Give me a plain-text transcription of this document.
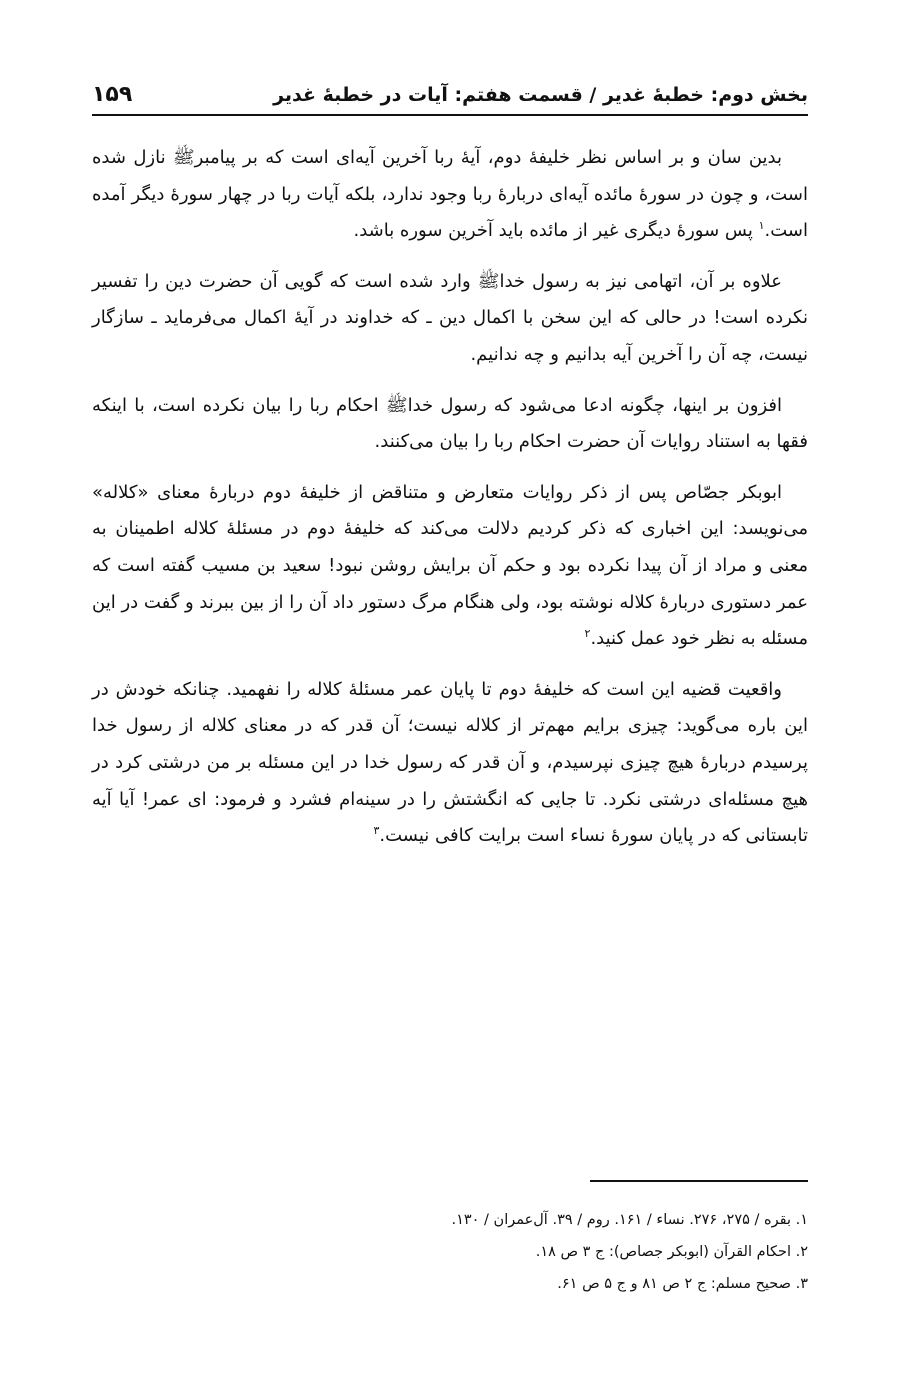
بخش دوم: خطبۀ غدیر / قسمت هفتم: آیات در خطبۀ غدیر
۱۵۹

بدین سان و بر اساس نظر خلیفۀ دوم، آیۀ ربا آخرین آیه‌ای است که بر پیامبرﷺ نازل شده است، و چون در سورۀ مائده آیه‌ای دربارۀ ربا وجود ندارد، بلکه آیات ربا در چهار سورۀ دیگر آمده است.$^۱$ پس سورۀ دیگری غیر از مائده باید آخرین سوره باشد.

علاوه بر آن، اتهامی نیز به رسول خداﷺ وارد شده است که گویی آن حضرت دین را تفسیر نکرده است! در حالی که این سخن با اکمال دین ـ که خداوند در آیۀ اکمال می‌فرماید ـ سازگار نیست، چه آن را آخرین آیه بدانیم و چه ندانیم.

افزون بر اینها، چگونه ادعا می‌شود که رسول خداﷺ احکام ربا را بیان نکرده است، با اینکه فقها به استناد روایات آن حضرت احکام ربا را بیان می‌کنند.

ابوبکر جصّاص پس از ذکر روایات متعارض و متناقض از خلیفۀ دوم دربارۀ معنای «کلاله» می‌نویسد: این اخباری که ذکر کردیم دلالت می‌کند که خلیفۀ دوم در مسئلۀ کلاله اطمینان به معنی و مراد از آن پیدا نکرده بود و حکم آن برایش روشن نبود! سعید بن مسیب گفته است که عمر دستوری دربارۀ کلاله نوشته بود، ولی هنگام مرگ دستور داد آن را از بین ببرند و گفت در این مسئله به نظر خود عمل کنید.$^۲$

واقعیت قضیه این است که خلیفۀ دوم تا پایان عمر مسئلۀ کلاله را نفهمید. چنانکه خودش در این باره می‌گوید: چیزی برایم مهم‌تر از کلاله نیست؛ آن قدر که در معنای کلاله از رسول خدا پرسیدم دربارۀ هیچ چیزی نپرسیدم، و آن قدر که رسول خدا در این مسئله بر من درشتی کرد در هیچ مسئله‌ای درشتی نکرد. تا جایی که انگشتش را در سینه‌ام فشرد و فرمود: ای عمر! آیا آیه تابستانی که در پایان سورۀ نساء است برایت کافی نیست.$^۳$

۱. بقره / ۲۷۵، ۲۷۶. نساء / ۱۶۱. روم / ۳۹. آل‌عمران / ۱۳۰.

۲. احکام القرآن (ابوبکر جصاص): ج ۳ ص ۱۸.

۳. صحیح مسلم: ج ۲ ص ۸۱ و ج ۵ ص ۶۱.
